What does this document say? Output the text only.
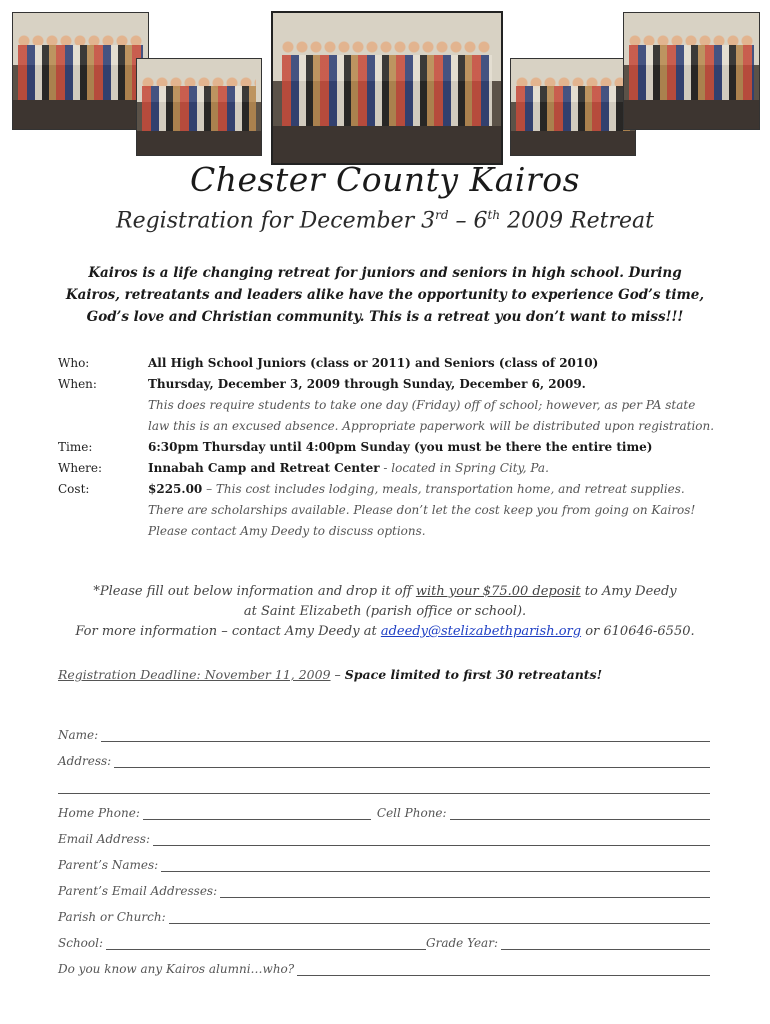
Chester County Kairos
Registration for December 3rd – 6th 2009 Retreat
Kairos is a life changing retreat for juniors and seniors in high school. During Kairos, retreatants and leaders alike have the opportunity to experience God’s time, God’s love and Christian community. This is a retreat you don’t want to miss!!!
Who:	All High School Juniors (class or 2011) and Seniors (class of 2010)
When:	Thursday, December 3, 2009 through Sunday, December 6, 2009.
This does require students to take one day (Friday) off of school; however, as per PA state law this is an excused absence. Appropriate paperwork will be distributed upon registration.
Time:	6:30pm Thursday until 4:00pm Sunday (you must be there the entire time)
Where:	Innabah Camp and Retreat Center - located in Spring City, Pa.
Cost:	$225.00 – This cost includes lodging, meals, transportation home, and retreat supplies. There are scholarships available. Please don’t let the cost keep you from going on Kairos! Please contact Amy Deedy to discuss options.
*Please fill out below information and drop it off with your $75.00 deposit to Amy Deedy
at Saint Elizabeth (parish office or school).
For more information – contact Amy Deedy at adeedy@stelizabethparish.org or 610646-6550.
Registration Deadline: November 11, 2009 – Space limited to first 30 retreatants!
Name:
Address:
Home Phone:	Cell Phone:
Email Address:
Parent’s Names:
Parent’s Email Addresses:
Parish or Church:
School:	Grade Year:
Do you know any Kairos alumni…who?
